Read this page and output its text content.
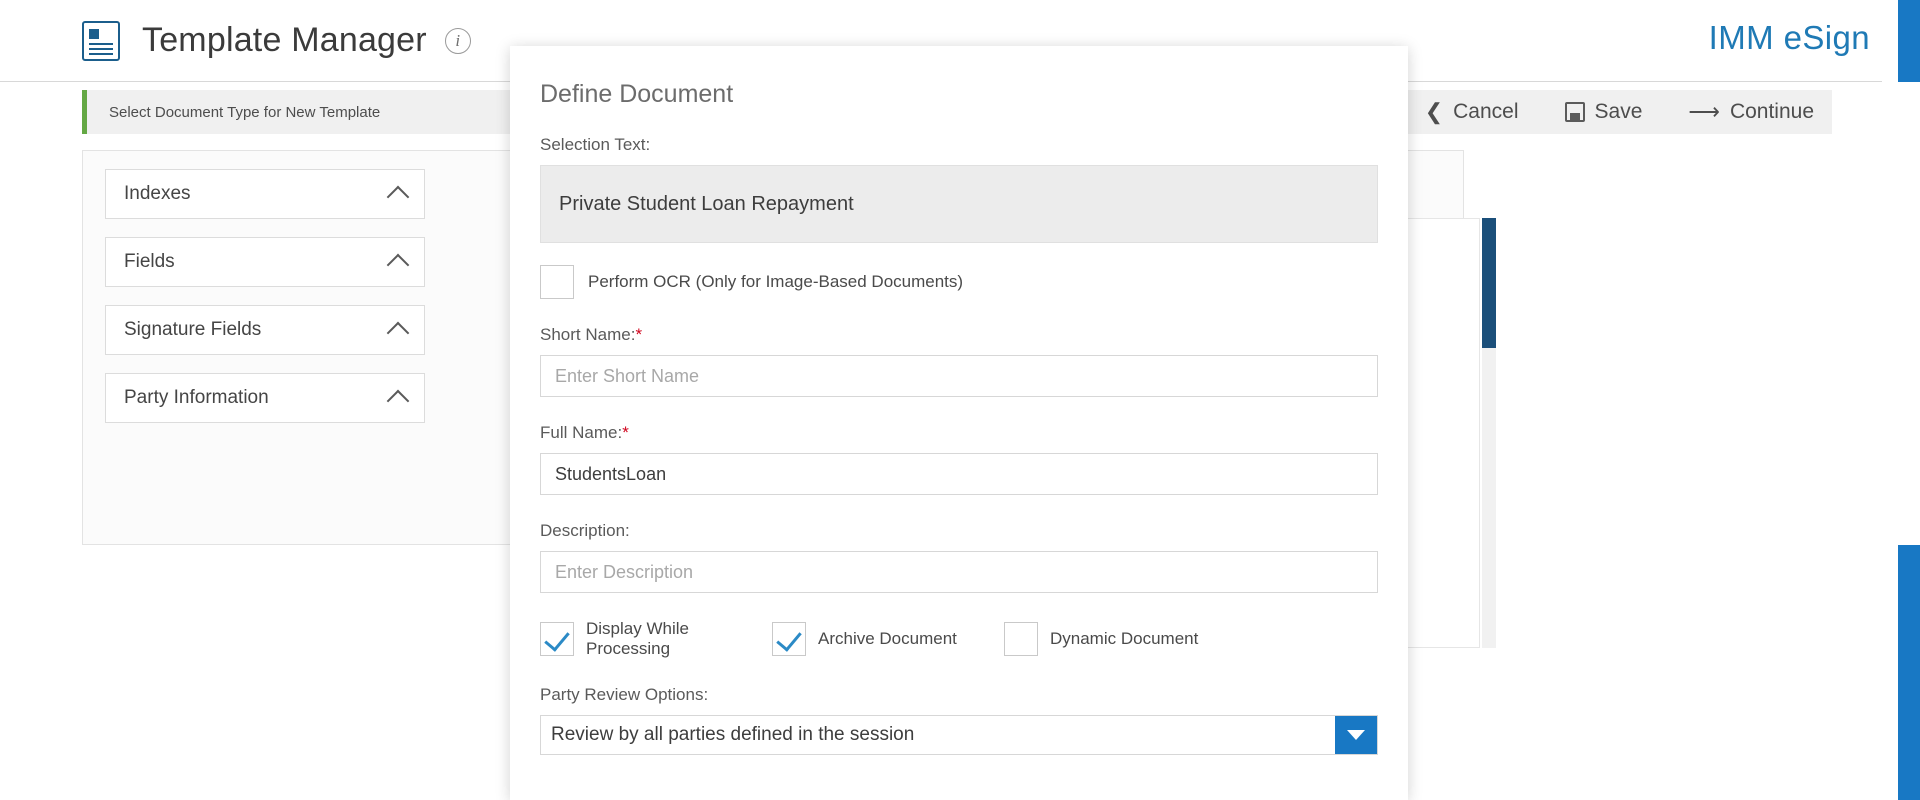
Template Manager	i	IMM eSign
Select Document Type for New Template	❮ Cancel	Save ⟶ Continue
Indexes
Fields
Signature Fields
Party Information
Define Document
Selection Text:
Private Student Loan Repayment
Perform OCR (Only for Image-Based Documents)
Short Name:*
Enter Short Name
Full Name:*
StudentsLoan
Description:
Enter Description
Display While Processing
Archive Document	Dynamic Document
Party Review Options:
Review by all parties defined in the session
